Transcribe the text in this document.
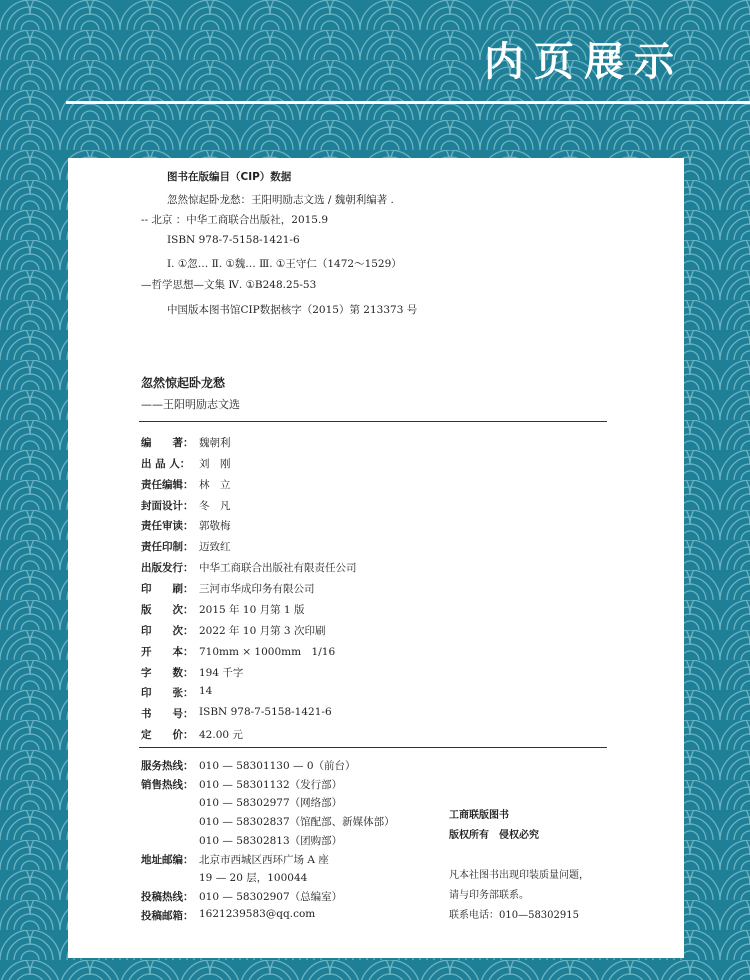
内页展示
图书在版编目（CIP）数据
忽然惊起卧龙愁：王阳明励志文选 / 魏朝利编著 .
-- 北京 ：中华工商联合出版社，2015.9
ISBN 978-7-5158-1421-6
Ⅰ. ①忽… Ⅱ. ①魏… Ⅲ. ①王守仁（1472～1529）
—哲学思想—文集 Ⅳ. ①B248.25-53
中国版本图书馆CIP数据核字（2015）第 213373 号
忽然惊起卧龙愁
——王阳明励志文选
编　　著： 魏朝利
出 品 人： 刘　刚
责任编辑： 林　立
封面设计： 冬　凡
责任审读： 郭敬梅
责任印制： 迈致红
出版发行： 中华工商联合出版社有限责任公司
印　　刷： 三河市华成印务有限公司
版　　次： 2015 年 10 月第 1 版
印　　次： 2022 年 10 月第 3 次印刷
开　　本： 710mm × 1000mm　1/16
字　　数： 194 千字
印　　张： 14
书　　号： ISBN 978-7-5158-1421-6
定　　价： 42.00 元
服务热线： 010 — 58301130 — 0（前台）
销售热线： 010 — 58301132（发行部）
010 — 58302977（网络部）
010 — 58302837（馆配部、新媒体部）
010 — 58302813（团购部）
地址邮编： 北京市西城区西环广场 A 座
19 — 20 层，100044
投稿热线： 010 — 58302907（总编室）
投稿邮箱： 1621239583@qq.com
工商联版图书
版权所有　侵权必究
凡本社图书出现印装质量问题，
请与印务部联系。
联系电话：010—58302915
